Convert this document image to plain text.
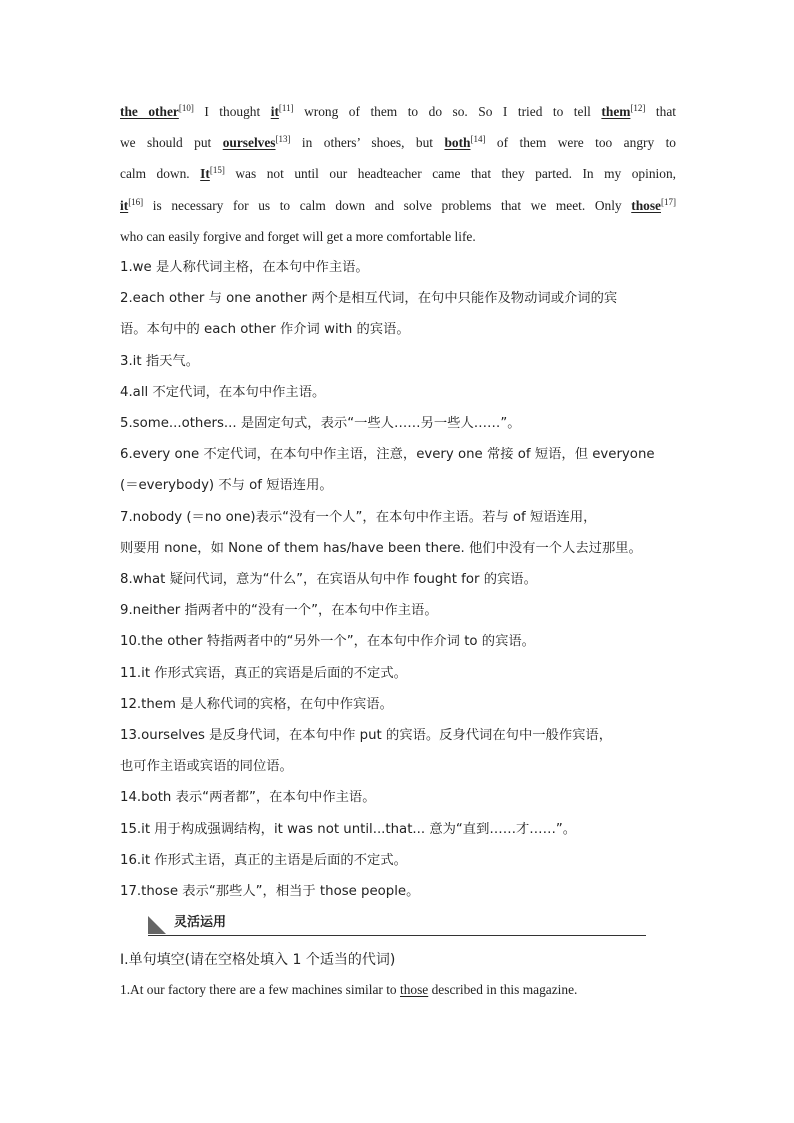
the other[10] I thought it[11] wrong of them to do so. So I tried to tell them[12] that

we should put ourselves[13] in others’ shoes, but both[14] of them were too angry to

calm down. It[15] was not until our headteacher came that they parted. In my opinion,

it[16] is necessary for us to calm down and solve problems that we meet. Only those[17]

who can easily forgive and forget will get a more comfortable life.

1.we 是人称代词主格，在本句中作主语。
2.each other 与 one another 两个是相互代词，在句中只能作及物动词或介词的宾
语。本句中的 each other 作介词 with 的宾语。
3.it 指天气。
4.all 不定代词，在本句中作主语。
5.some...others... 是固定句式，表示“一些人……另一些人……”。
6.every one 不定代词，在本句中作主语，注意，every one 常接 of 短语，但 everyone
(＝everybody) 不与 of 短语连用。
7.nobody (＝no one)表示“没有一个人”，在本句中作主语。若与 of 短语连用，
则要用 none，如 None of them has/have been there. 他们中没有一个人去过那里。
8.what 疑问代词，意为“什么”，在宾语从句中作 fought for 的宾语。
9.neither 指两者中的“没有一个”，在本句中作主语。
10.the other 特指两者中的“另外一个”，在本句中作介词 to 的宾语。
11.it 作形式宾语，真正的宾语是后面的不定式。
12.them 是人称代词的宾格，在句中作宾语。
13.ourselves 是反身代词，在本句中作 put 的宾语。反身代词在句中一般作宾语，
也可作主语或宾语的同位语。
14.both 表示“两者都”，在本句中作主语。
15.it 用于构成强调结构，it was not until...that... 意为“直到……才……”。
16.it 作形式主语，真正的主语是后面的不定式。
17.those 表示“那些人”，相当于 those people。
灵活运用
Ⅰ.单句填空(请在空格处填入 1 个适当的代词)

1.At our factory there are a few machines similar to those described in this magazine.
